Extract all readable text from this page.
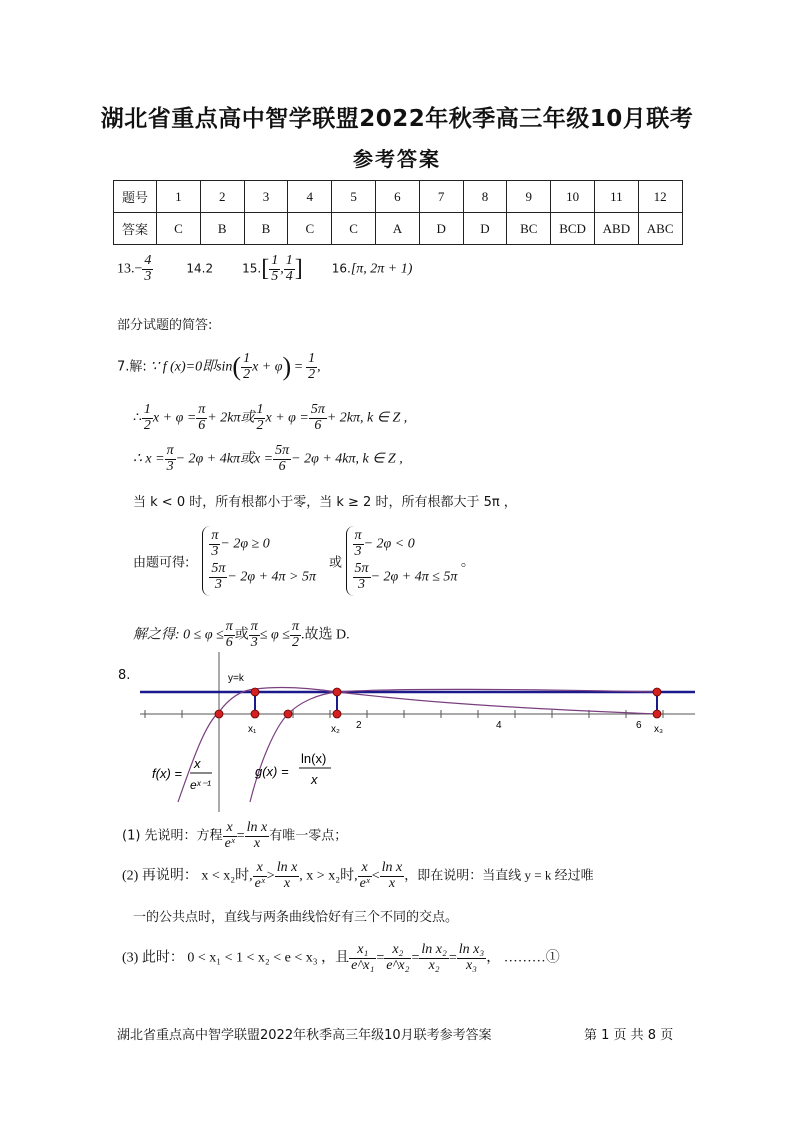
湖北省重点高中智学联盟2022年秋季高三年级10月联考
参考答案
题号	1	2	3	4	5	6	7	8	9	10	11	12
答案	C	B	B	C	C	A	D	D	BC	BCD	ABD	ABC
$13.- \frac{4}{3}$	14.2 $15.[ \frac{1}{5}$ , $\frac{1}{4}$ ] 16.[π, 2π + 1)
部分试题的简答:
7.解: ∵ f (x)=0即$\sin( \frac{1}{2}$ $x + \varphi) = \frac{1}{2}$ ,
∴ $\frac{1}{2}$ $x + \varphi = \frac{\pi}{6} + 2k\pi$或 $\frac{1}{2}$ $x + \varphi = \frac{5\pi}{6} + 2k\pi$, k ∈ Z ,
∴ $x = \frac{\pi}{3} - 2\varphi + 4k\pi$或$x = \frac{5\pi}{6} - 2\varphi + 4k\pi$, k ∈ Z ,
当 k < 0 时，所有根都小于零，当 k ≥ 2 时，所有根都大于 5π ，
由题可得:
$\frac{\pi}{3} - 2\varphi \ge 0$
$\frac{5\pi}{3} - 2\varphi + 4\pi > 5\pi$
或
$\frac{\pi}{3} - 2\varphi < 0$
$\frac{5\pi}{3} - 2\varphi + 4\pi \le 5\pi$
。
解之得: $0 \le \varphi \le \frac{\pi}{6}$ 或 $\frac{\pi}{3} \le \varphi \le \frac{\pi}{2}$ .故选 D.
8.	y=k
x₁	x₂	x₃
2	4	6
f(x) =
x
eˣ⁻¹
g(x) =
ln(x)
x
(1) 先说明：方程 $\frac{x}{\text{eˣ}} = \frac{\text{ln x}}{x}$ 有唯一零点；
(2) 再说明： x < x₂时, $\frac{x}{\text{eˣ}} > \frac{\text{ln x}}{x}$ , x > x₂时, $\frac{x}{\text{eˣ}} < \frac{\text{ln x}}{x}$ ，即在说明：当直线 y = k 经过唯
一的公共点时，直线与两条曲线恰好有三个不同的交点。
(3) 此时： 0 < x₁ < 1 < x₂ < e < x₃ ，且 $\frac{\text{x₁}}{\text{e\textasciicircum{}x₁}} = \frac{\text{x₂}}{\text{e\textasciicircum{}x₂}} = \frac{\text{ln x₂}}{\text{x₂}} = \frac{\text{ln x₃}}{\text{x₃}}$ ， ………①
湖北省重点高中智学联盟2022年秋季高三年级10月联考参考答案	第 1 页 共 8 页
